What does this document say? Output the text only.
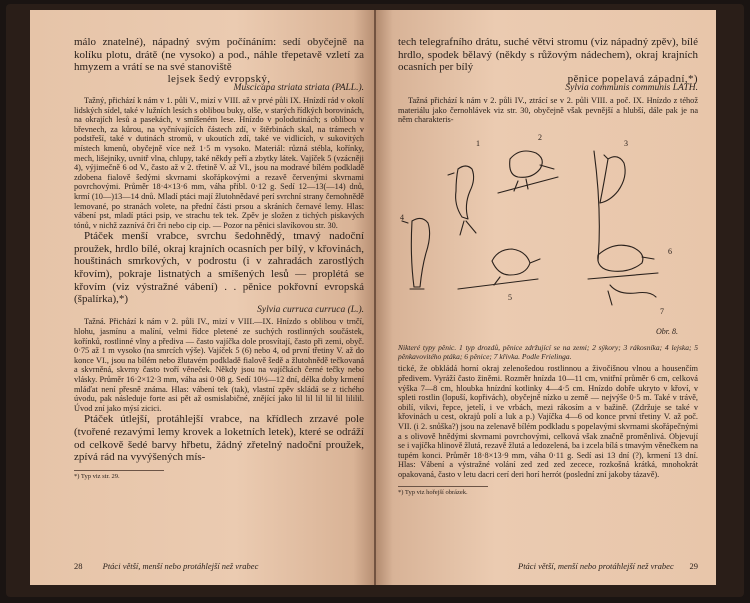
málo znatelné), nápadný svým počínáním: sedí obyčejně na kolíku plotu, drátě (ne vysoko) a pod., náhle třepetavě vzletí za hmyzem a vrátí se na své stanoviště

lejsek šedý evropský,

Muscicapa striata striata (PALL.).

Tažný, přichází k nám v 1. půli V., mizí v VIII. až v prvé půli IX. Hnízdí rád v okolí lidských sídel, také v lužních lesích s oblibou buky, olše, v starých řídkých borovinách, na okrajích lesů a pasekách, v smíšeném lese. Hnízdo v polodutinách; s oblibou v břevnech, za kůrou, na vyčnívajících částech zdí, v štěrbinách skal, na trámech v podstřeší, také v dutinách stromů, v ukoutích zdí, také ve vidlicích, v sukovitých místech kmenů, obyčejně více než 1·5 m vysoko. Materiál: různá stébla, kořínky, mech, lišejníky, uvnitř vlna, chlupy, také někdy peří a zbytky látek. Vajíček 5 (vzácněji 4), výjimečně 6 od V., často až v 2. třetině V. až VI., jsou na modravé bílém podkladě zdobena fialově šedými skvrnami skořápkovými a rezavě červenými skvrnami povrchovými. Průměr 18·4×13·6 mm, váha přibl. 0·12 g. Sedí 12—13(—14) dnů, krmí (10—)13—14 dnů. Mladí ptáci mají žlutohnědavé perí svrchní strany černohnědě lemované, po stranách volete, na přední části prsou a skráních černavé lemy. Hlas: vábení pst, mladí ptáci psip, ve strachu tek tek. Zpěv je složen z tichých piskavých tónů, v nichž zaznívá čri čri nebo cip cip. — Pozor na pěnici slavíkovou str. 30.

Ptáček menší vrabce, svrchu šedohnědý, tmavý nadoční proužek, hrdlo bílé, okraj krajních ocasních per bílý, v křovinách, houštinách smrkových, v podrostu (i v zahradách zarostlých křovím), pokraje listnatých a smíšených lesů — proplétá se křovím (viz výstražné vábení) . . pěnice pokřovní evropská (špalírka),*)

Sylvia curruca curruca (L.).

Tažná. Přichází k nám v 2. půli IV., mizí v VIII.—IX. Hnízdo s oblibou v trnčí, hlohu, jasmínu a malíní, velmi řídce pletené ze suchých rostlinných součástek, kořínků, rostlinné vlny a předivа — často vajíčka dole prosvítají, často při zemi, obyč. 0·75 až 1 m vysoko (na smrcích výše). Vajíček 5 (6) nebo 4, od první třetiny V. až do konce VI., jsou na bílém nebo žlutavém podkladě fialově šedě a žlutohnědě tečkovaná a skvrněná, skvrny často tvoří věneček. Někdy jsou na vajíčkách černé tečky nebo vlásky. Průměr 16·2×12·3 mm, váha asi 0·08 g. Sedí 10½—12 dní, délka doby krmení mláďat není přesně známa. Hlas: vábení tek (tak), vlastní zpěv skládá se z tichého úvodu, pak následuje forte asi pět až osmislabičné, znějící jako lil lil lil lil lil lililil. Úvod zní jako mýsí zicici.

Ptáček útlejší, protáhlejší vrabce, na křídlech zrzavé pole (tvořené rezavými lemy krovek a loketních letek), které se odráží od celkově šedé barvy hřbetu, žádný zřetelný nadoční proužek, zpívá rád na vyvýšených mís-

*) Typ viz str. 29.
28 Ptáci větší, menší nebo protáhlejší než vrabec

tech telegrafního drátu, suché větvi stromu (viz nápadný zpěv), bílé hrdlo, spodek bělavý (někdy s růžovým nádechem), okraj krajních ocasních per bílý

pěnice popelavá západní,*)

Sylvia communis communis LATH.

Tažná přichází k nám v 2. půli IV., ztrácí se v 2. půli VIII. a poč. IX. Hnízdo z téhož materiálu jako černohlávek viz str. 30, obyčejně však pevnější a hlubší, dále pak je na něm charakteris-

1
2
3
4
5
6
7

Obr. 8.

Nikteré typy pěnic. 1 typ drozdů, pěnice zdržující se na zemi; 2 sýkory; 3 rákosníka; 4 lejska; 5 pěnkavovitého ptáka; 6 pěnice; 7 křivka. Podle Frielinga.

tické, že obkládá horní okraj zelenošedou rostlinnou a živočišnou vlnou a housenčím předivem. Vyráží často žiněmi. Rozměr hnízda 10—11 cm, vnitřní průměr 6 cm, celková výška 7—8 cm, hloubka hnízdní kotlinky 4—4·5 cm. Hnízdo dobře ukryto v křoví, v spleti rostlin (lopuší, kopřivách), obyčejně nízko u země — nejvýše 0·5 m. Také v trávě, obilí, vikvi, řepce, jetelí, i ve vrbách, mezi rákosím a v bažině. (Zdržuje se také v křovinách u cest, okrajů polí a luk a p.) Vajíčka 4—6 od konce první třetiny V. až poč. VII. (i 2. snůška?) jsou na zelenavě bílém podkladu s popelavými skvrnami skořápečnými a s olivově hnědými skvrnami povrchovými, celková však značně proměnlivá. Objevují se i vajíčka hlinově žlutá, rezavě žlutá a ledozelená, ba i zcela bílá s tmavým věnečkem na tupém konci. Průměr 18·8×13·9 mm, váha 0·11 g. Sedí asi 13 dní (?), krmení 13 dní. Hlas: Vábení a výstražné volání zed zed zed zecece, rozkošná krátká, mnohokrát opakovaná, často v letu dacri cerí deri horí herrót (poslední zní jakoby tázavě).

*) Typ viz hořejší obrázek.
Ptáci větší, menší nebo protáhlejší než vrabec 29
